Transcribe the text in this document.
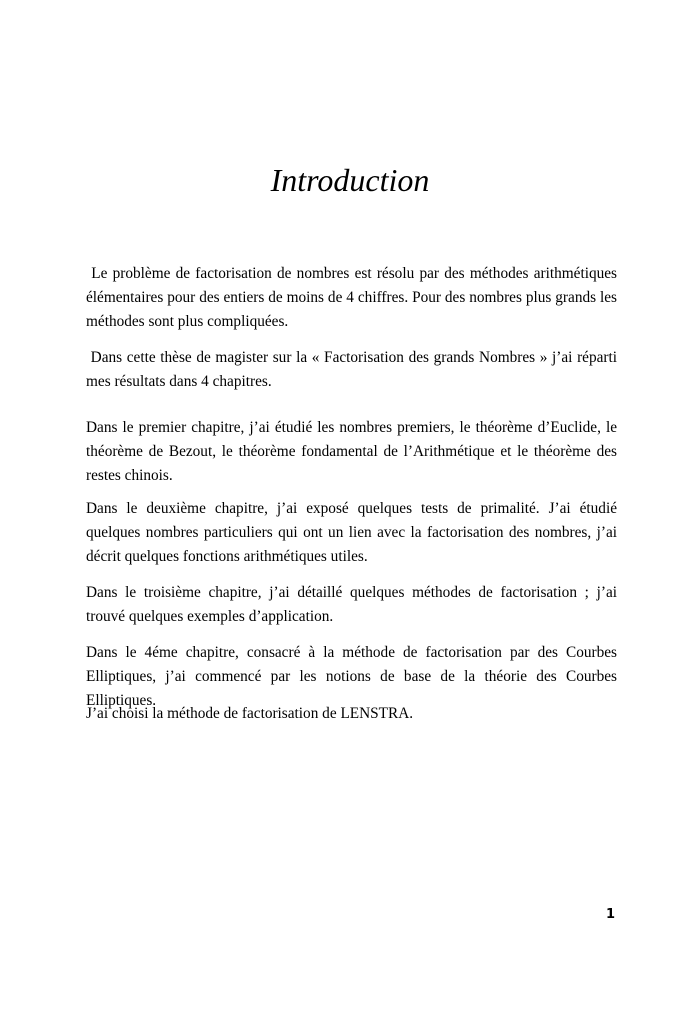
Introduction
Le problème de factorisation de nombres est résolu par des méthodes arithmétiques élémentaires pour des entiers de moins de 4 chiffres. Pour des nombres plus grands les méthodes sont plus compliquées.
Dans cette thèse de magister sur la « Factorisation des grands Nombres » j’ai réparti mes résultats dans 4 chapitres.
Dans le premier chapitre, j’ai étudié les nombres premiers, le théorème d’Euclide, le théorème de Bezout, le théorème fondamental de l’Arithmétique et le théorème des restes chinois.
Dans le deuxième chapitre, j’ai exposé quelques tests de primalité. J’ai étudié quelques nombres particuliers qui ont un lien avec la factorisation des nombres, j’ai décrit quelques fonctions arithmétiques utiles.
Dans le troisième chapitre, j’ai détaillé quelques méthodes de factorisation ; j’ai trouvé quelques exemples d’application.
Dans le 4éme chapitre, consacré à la méthode de factorisation par des Courbes Elliptiques, j’ai commencé par les notions de base de la théorie des Courbes Elliptiques.
J’ai choisi la méthode de factorisation de LENSTRA.
1
